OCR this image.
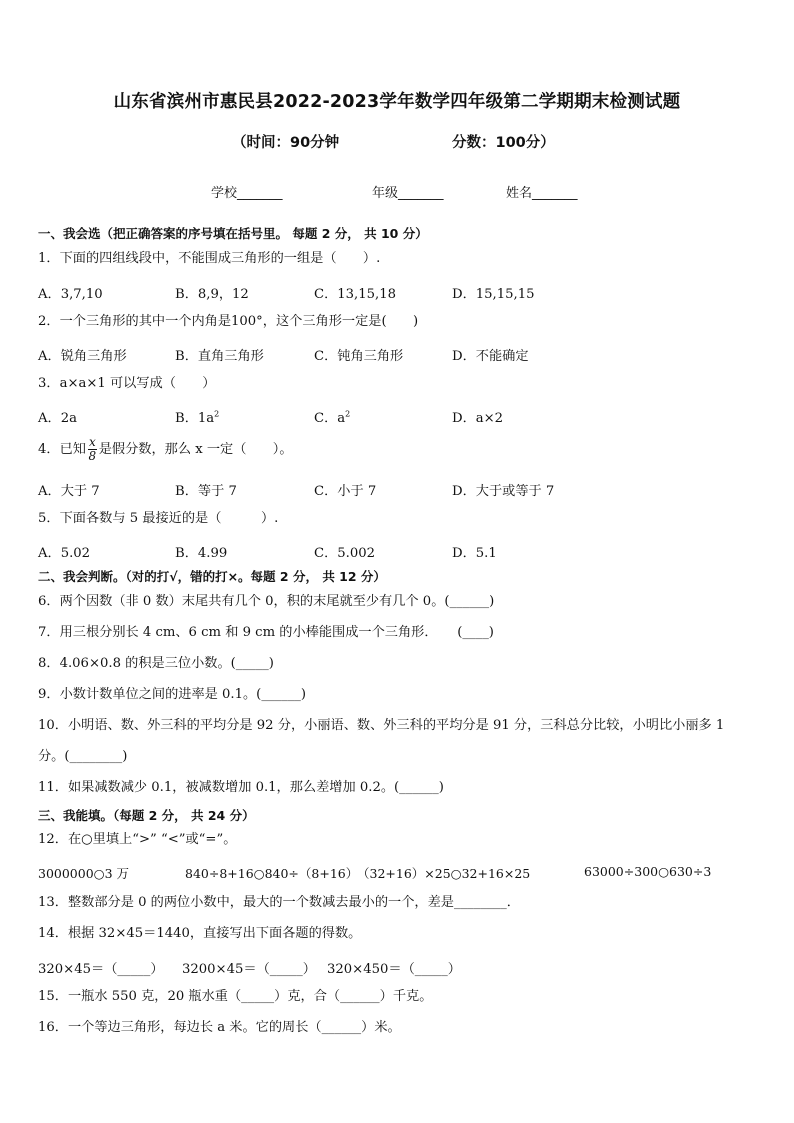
山东省滨州市惠民县2022-2023学年数学四年级第二学期期末检测试题
（时间：90分钟	分数：100分）
学校_______	年级_______	姓名_______
一、我会选（把正确答案的序号填在括号里。 每题 2 分， 共 10 分）
1．下面的四组线段中，不能围成三角形的一组是（　　）.
A．3,7,10	B．8,9，12	C．13,15,18	D．15,15,15
2．一个三角形的其中一个内角是100°，这个三角形一定是(　　)
A．锐角三角形	B．直角三角形	C．钝角三角形	D．不能确定
3．a×a×1 可以写成（　　）
A．2a	B．$1a^2$	C．$a^2$	D．a×2
4．已知 $\frac{x}{8}$ 是假分数，那么 x 一定（　　）。
A．大于 7	B．等于 7	C．小于 7	D．大于或等于 7
5．下面各数与 5 最接近的是（　　　）.
A．5.02	B．4.99	C．5.002	D．5.1
二、我会判断。（对的打√，错的打×。每题 2 分， 共 12 分）
6．两个因数（非 0 数）末尾共有几个 0，积的末尾就至少有几个 0。(______)
7．用三根分别长 4 cm、6 cm 和 9 cm 的小棒能围成一个三角形．　　(____)
8．4.06×0.8 的积是三位小数。(_____)
9．小数计数单位之间的进率是 0.1。(______)
10．小明语、数、外三科的平均分是 92 分，小丽语、数、外三科的平均分是 91 分，三科总分比较，小明比小丽多 1
分。(________)
11．如果减数减少 0.1，被减数增加 0.1，那么差增加 0.2。(______)
三、我能填。（每题 2 分， 共 24 分）
12．在○里填上“>” “<”或“=”。
3000000○3 万	840÷8+16○840÷（8+16）
（32+16）×25○32+16×25	63000÷300○630÷3
13．整数部分是 0 的两位小数中，最大的一个数减去最小的一个，差是________．
14．根据 32×45＝1440，直接写出下面各题的得数。
320×45＝（_____） 3200×45＝（_____） 320×450＝（_____）
15．一瓶水 550 克，20 瓶水重（_____）克，合（______）千克。
16．一个等边三角形，每边长 a 米。它的周长（______）米。
